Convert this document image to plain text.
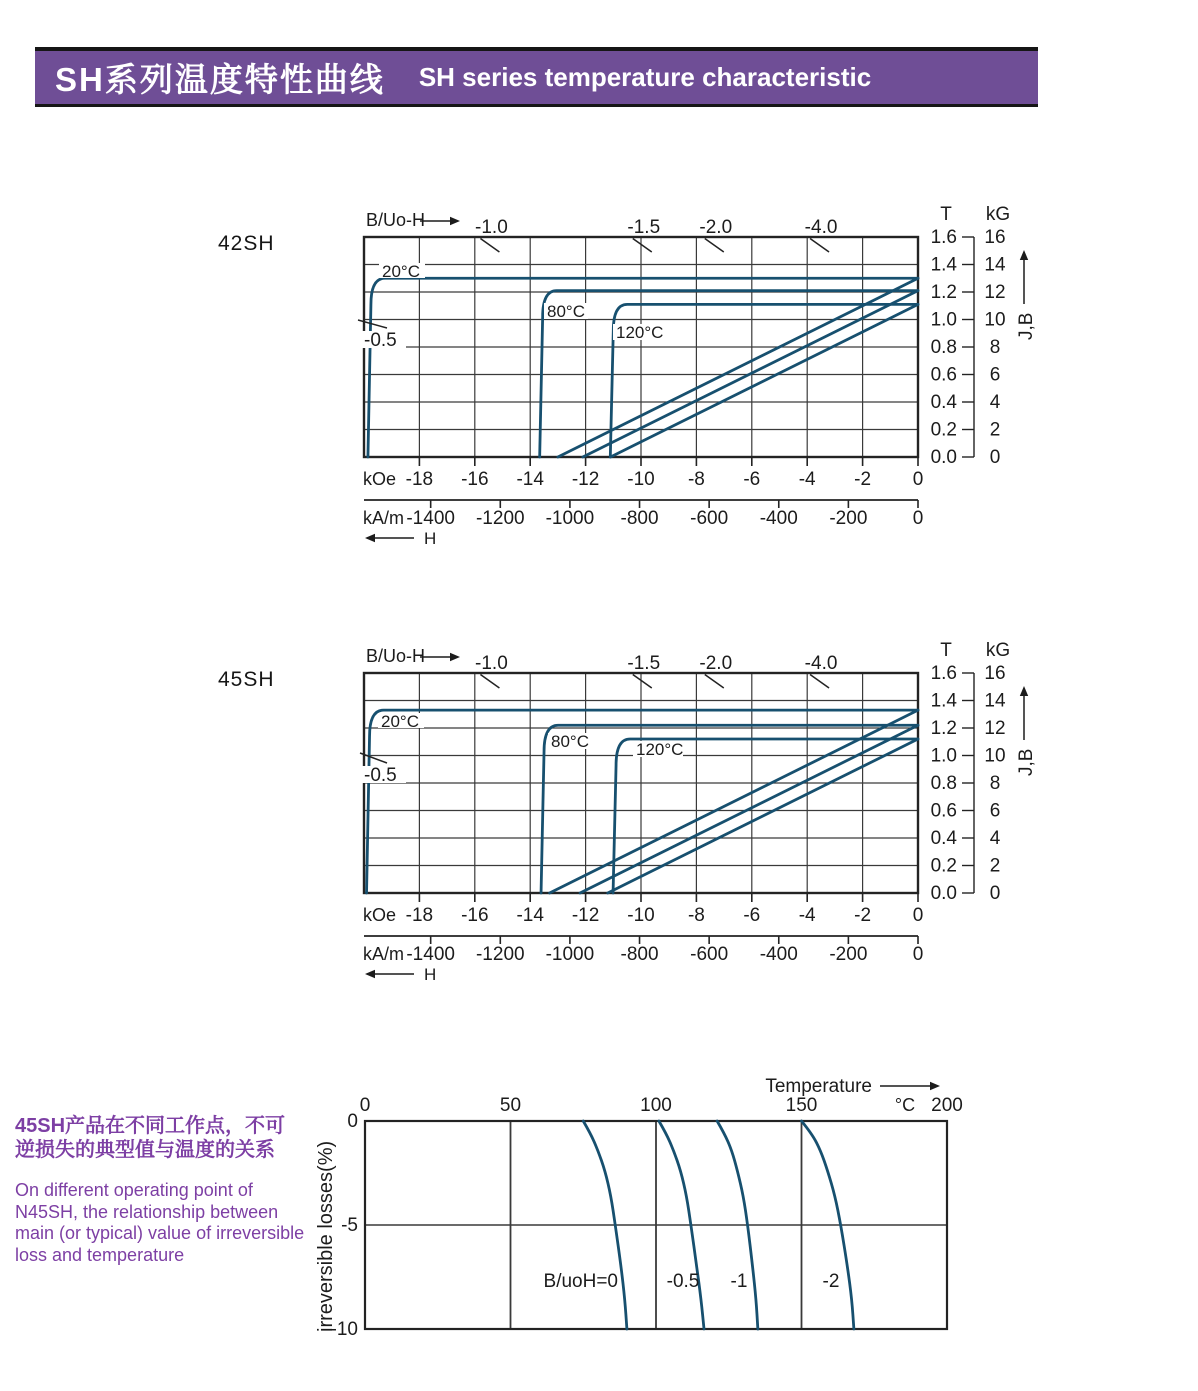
SH系列温度特性曲线 SH series temperature characteristic
42SH
45SH
B/Uo-H	-1.0	-1.5 -2.0	-4.0
-18 -16 -14 -12 -10 -8 -6 -4 -2 0
kOe
-1400 -1200 -1000 -800 -600 -400 -200 0
kA/m
H
T kG
1.6 16
1.4 14
1.2 12
1.0 10
0.8 8
0.6 6
0.4 4
0.2 2
0.0 0
J,B
20°C
80°C
120°C
-0.5
B/Uo-H	-1.0	-1.5 -2.0	-4.0
-18 -16 -14 -12 -10 -8 -6 -4 -2 0
kOe
-1400 -1200 -1000 -800 -600 -400 -200 0
kA/m
H
T kG
1.6 16
1.4 14
1.2 12
1.0 10
0.8 8
0.6 6
0.4 4
0.2 2
0.0 0
J,B
20°C
80°C	120°C
-0.5
Temperature
0	50	100	150	200
°C
0
-5
-10
irreversible losses(%)	B/uoH=0	-0.5 -1	-2

45SH产品在不同工作点，不可
逆损失的典型值与温度的关系

On different operating point of
N45SH, the relationship between
main (or typical) value of irreversible
loss and temperature
